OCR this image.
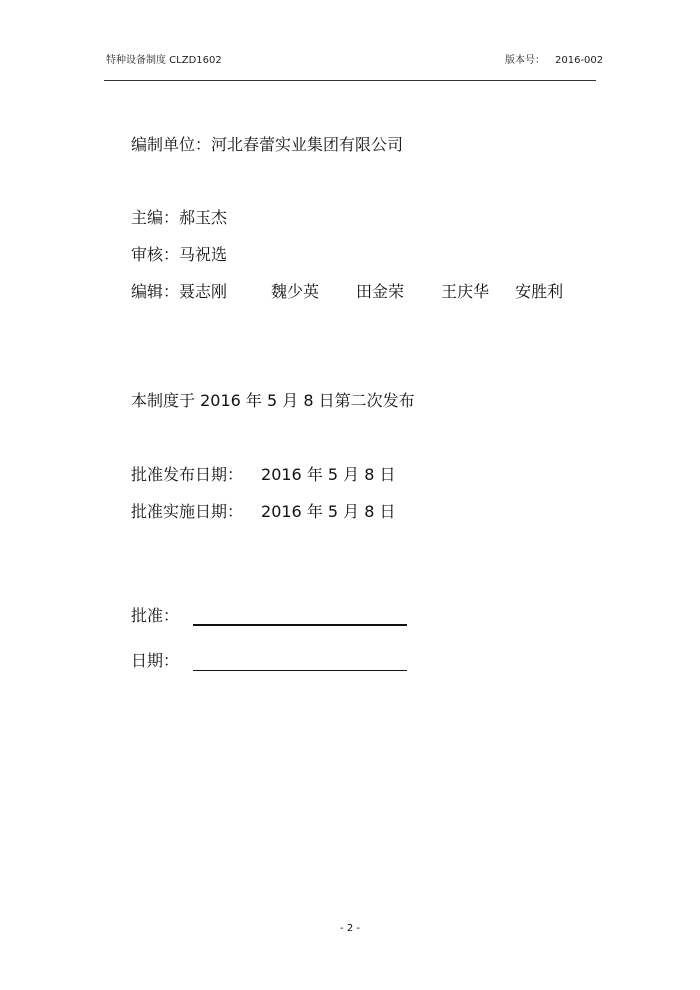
特种设备制度 CLZD1602	版本号： 2016-002
编制单位：河北春蕾实业集团有限公司
主编：郝玉杰
审核：马祝选
编辑：聂志刚	魏少英 田金荣 王庆华 安胜利
本制度于 2016 年 5 月 8 日第二次发布
批准发布日期： 2016 年 5 月 8 日
批准实施日期： 2016 年 5 月 8 日
批准：
日期：
- 2 -
